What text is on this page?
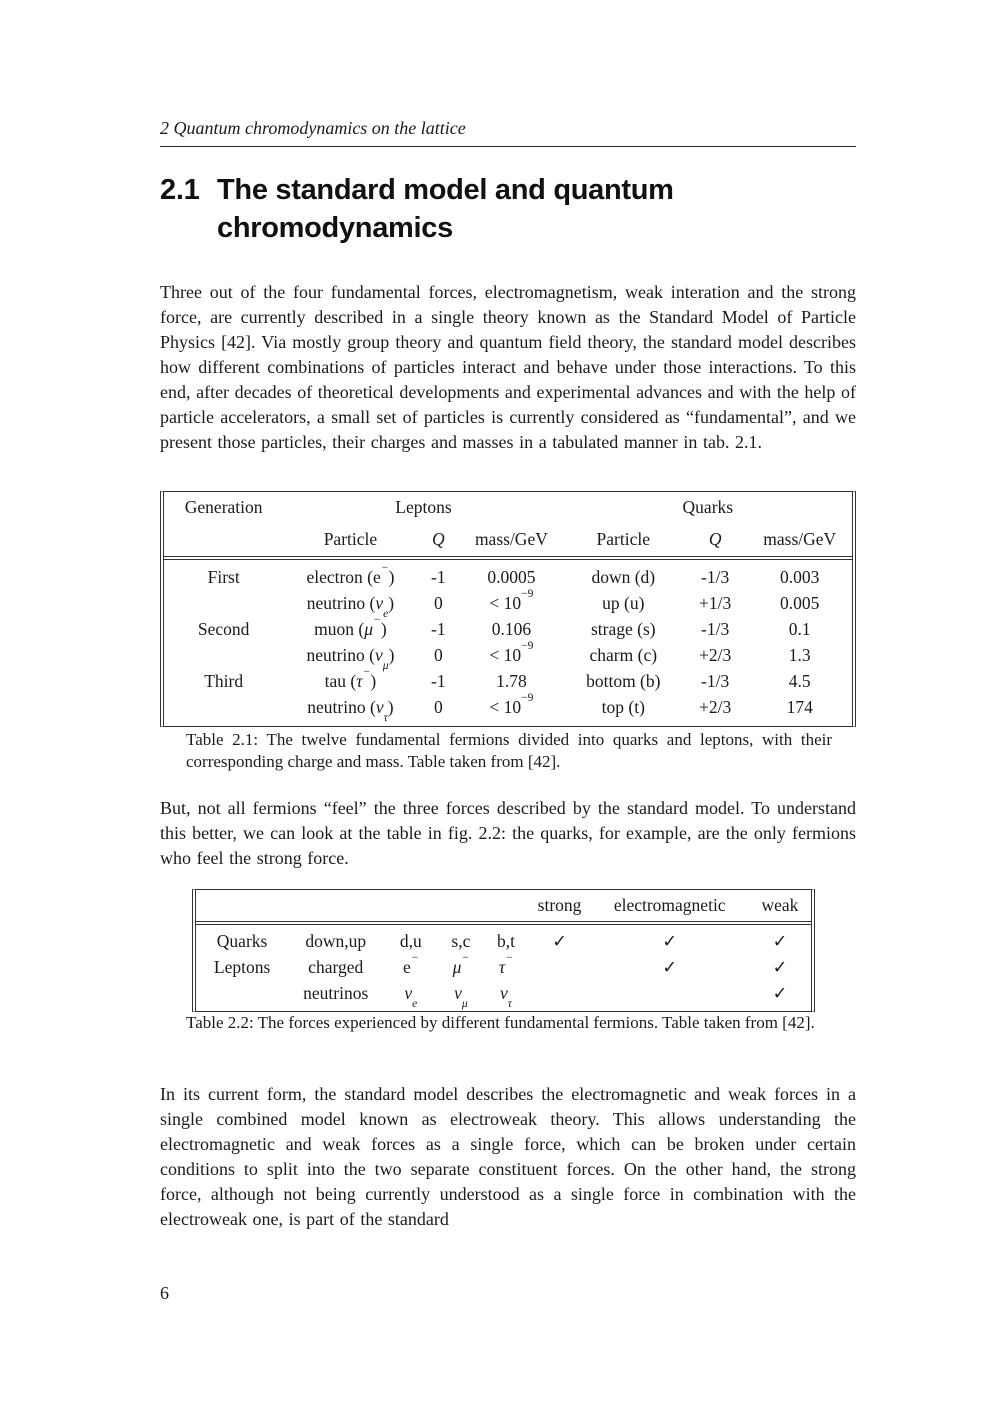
2 Quantum chromodynamics on the lattice
2.1 The standard model and quantum chromodynamics
Three out of the four fundamental forces, electromagnetism, weak interation and the strong force, are currently described in a single theory known as the Standard Model of Particle Physics [42]. Via mostly group theory and quantum field theory, the standard model describes how different combinations of particles interact and behave under those interactions. To this end, after decades of theoretical developments and experimental advances and with the help of particle accelerators, a small set of particles is currently considered as “fundamental”, and we present those particles, their charges and masses in a tabulated manner in tab. 2.1.
Generation	Leptons			Quarks		
	Particle	Q	mass/GeV	Particle	Q	mass/GeV
First	electron (e−)	-1	0.0005	down (d)	-1/3	0.003
	neutrino $(\nu_e)$	0	< $10^{-9}$	up (u)	+1/3	0.005
Second	muon (μ−)	-1	0.106	strage (s)	-1/3	0.1
	neutrino $(\nu_\mu)$	0	< $10^{-9}$	charm (c)	+2/3	1.3
Third	tau (τ−)	-1	1.78	bottom (b)	-1/3	4.5
	neutrino $(\nu_\tau)$	0	< $10^{-9}$	top (t)	+2/3	174
Table 2.1: The twelve fundamental fermions divided into quarks and leptons, with their corresponding charge and mass. Table taken from [42].
But, not all fermions “feel” the three forces described by the standard model. To understand this better, we can look at the table in fig. 2.2: the quarks, for example, are the only fermions who feel the strong force.
					strong	electromagnetic	weak
Quarks	down,up	d,u	s,c	b,t	✓	✓	✓
Leptons	charged	e−	μ−	τ−		✓	✓
	neutrinos	$\nu_e$	$\nu_\mu$	$\nu_\tau$			✓
Table 2.2: The forces experienced by different fundamental fermions. Table taken from [42].
In its current form, the standard model describes the electromagnetic and weak forces in a single combined model known as electroweak theory. This allows understanding the electromagnetic and weak forces as a single force, which can be broken under certain conditions to split into the two separate constituent forces. On the other hand, the strong force, although not being currently understood as a single force in combination with the electroweak one, is part of the standard
6
